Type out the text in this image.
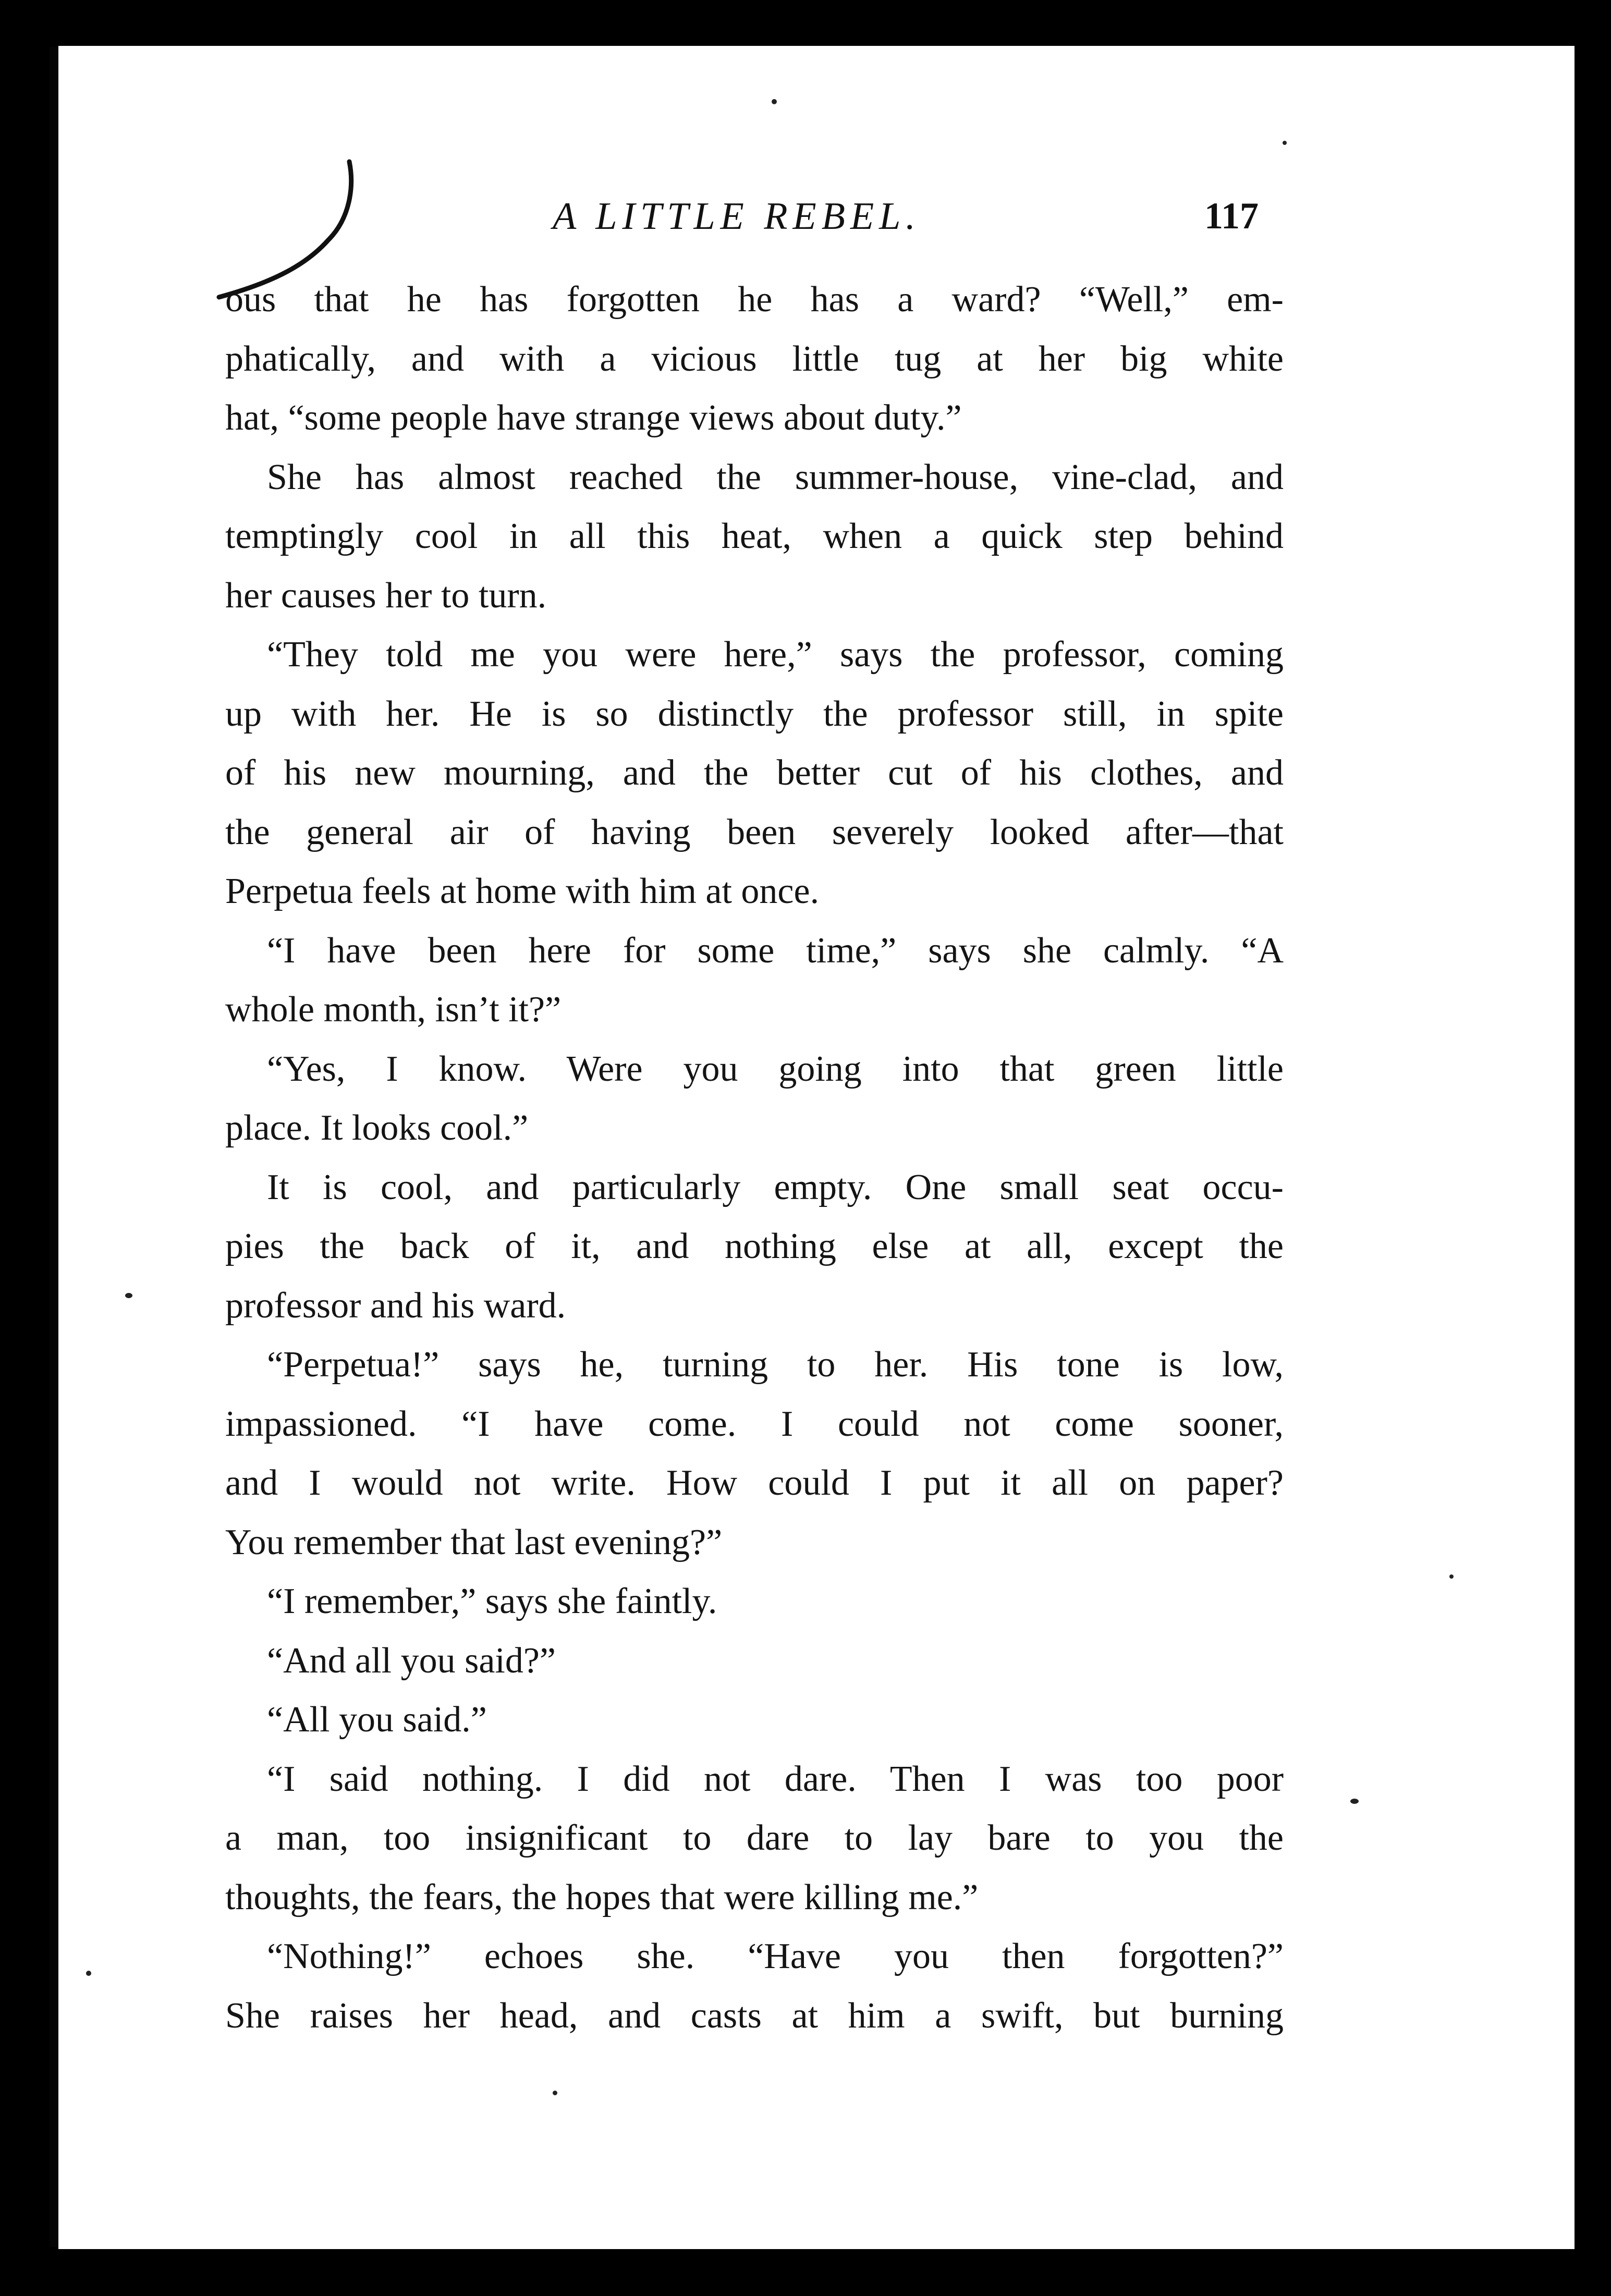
A LITTLE REBEL.	117
ous that he has forgotten he has a ward? “Well,” em-
phatically, and with a vicious little tug at her big white
hat, “some people have strange views about duty.”
She has almost reached the summer-house, vine-clad, and
temptingly cool in all this heat, when a quick step behind
her causes her to turn.
“They told me you were here,” says the professor, coming
up with her. He is so distinctly the professor still, in spite
of his new mourning, and the better cut of his clothes, and
the general air of having been severely looked after—that
Perpetua feels at home with him at once.
“I have been here for some time,” says she calmly. “A
whole month, isn’t it?”
“Yes, I know. Were you going into that green little
place. It looks cool.”
It is cool, and particularly empty. One small seat occu-
pies the back of it, and nothing else at all, except the
professor and his ward.
“Perpetua!” says he, turning to her. His tone is low,
impassioned. “I have come. I could not come sooner,
and I would not write. How could I put it all on paper?
You remember that last evening?”
“I remember,” says she faintly.
“And all you said?”
“All you said.”
“I said nothing. I did not dare. Then I was too poor
a man, too insignificant to dare to lay bare to you the
thoughts, the fears, the hopes that were killing me.”
“Nothing!” echoes she. “Have you then forgotten?”
She raises her head, and casts at him a swift, but burning
